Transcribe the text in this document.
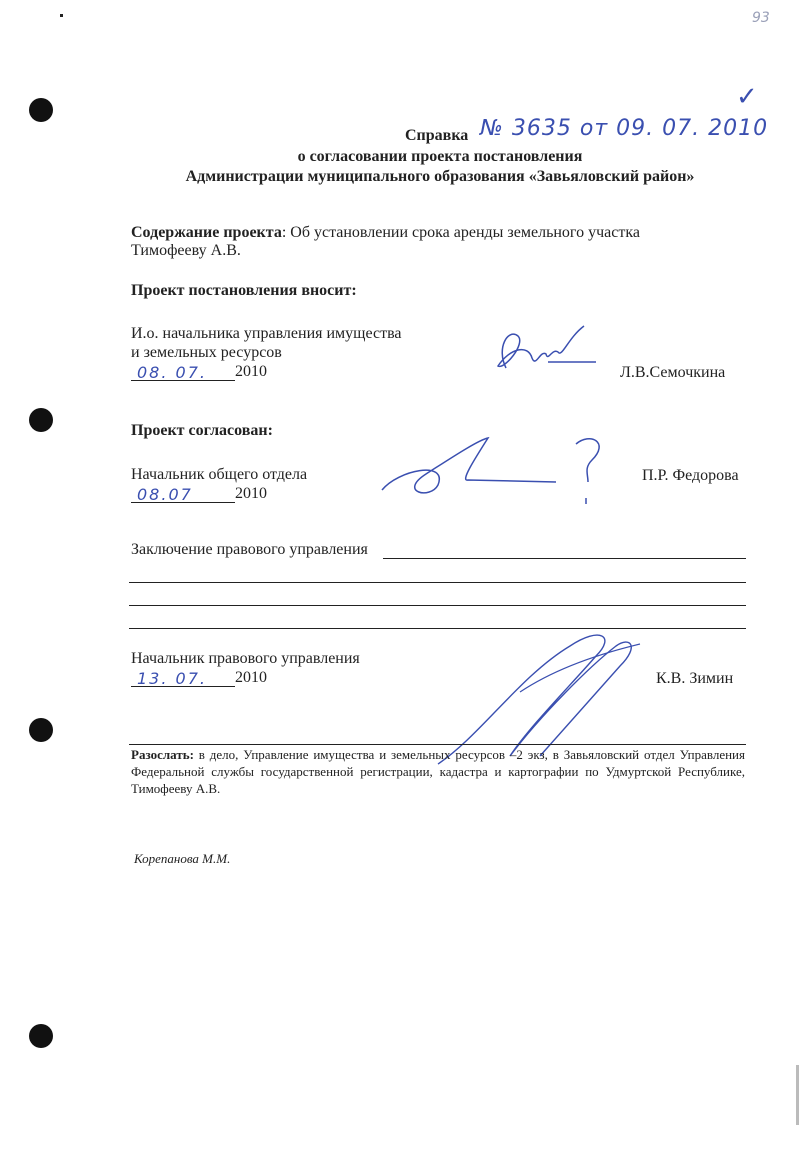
93
✓
Справка № 3635 от 09. 07. 2010
о согласовании проекта постановления
Администрации муниципального образования «Завьяловский район»
Содержание проекта: Об установлении срока аренды земельного участка
Тимофееву А.В.
Проект постановления вносит:
И.о. начальника управления имущества
и земельных ресурсов
08. 07. 2010	Л.В.Семочкина
Проект согласован:
Начальник общего отдела
08.07	2010
П.Р. Федорова
Заключение правового управления
Начальник правового управления
13. 07. 2010	К.В. Зимин
Разослать: в дело, Управление имущества и земельных ресурсов –2 экз, в Завьяловский отдел Управления Федеральной службы государственной регистрации, кадастра и картографии по Удмуртской Республике, Тимофееву А.В.
Корепанова М.М.
